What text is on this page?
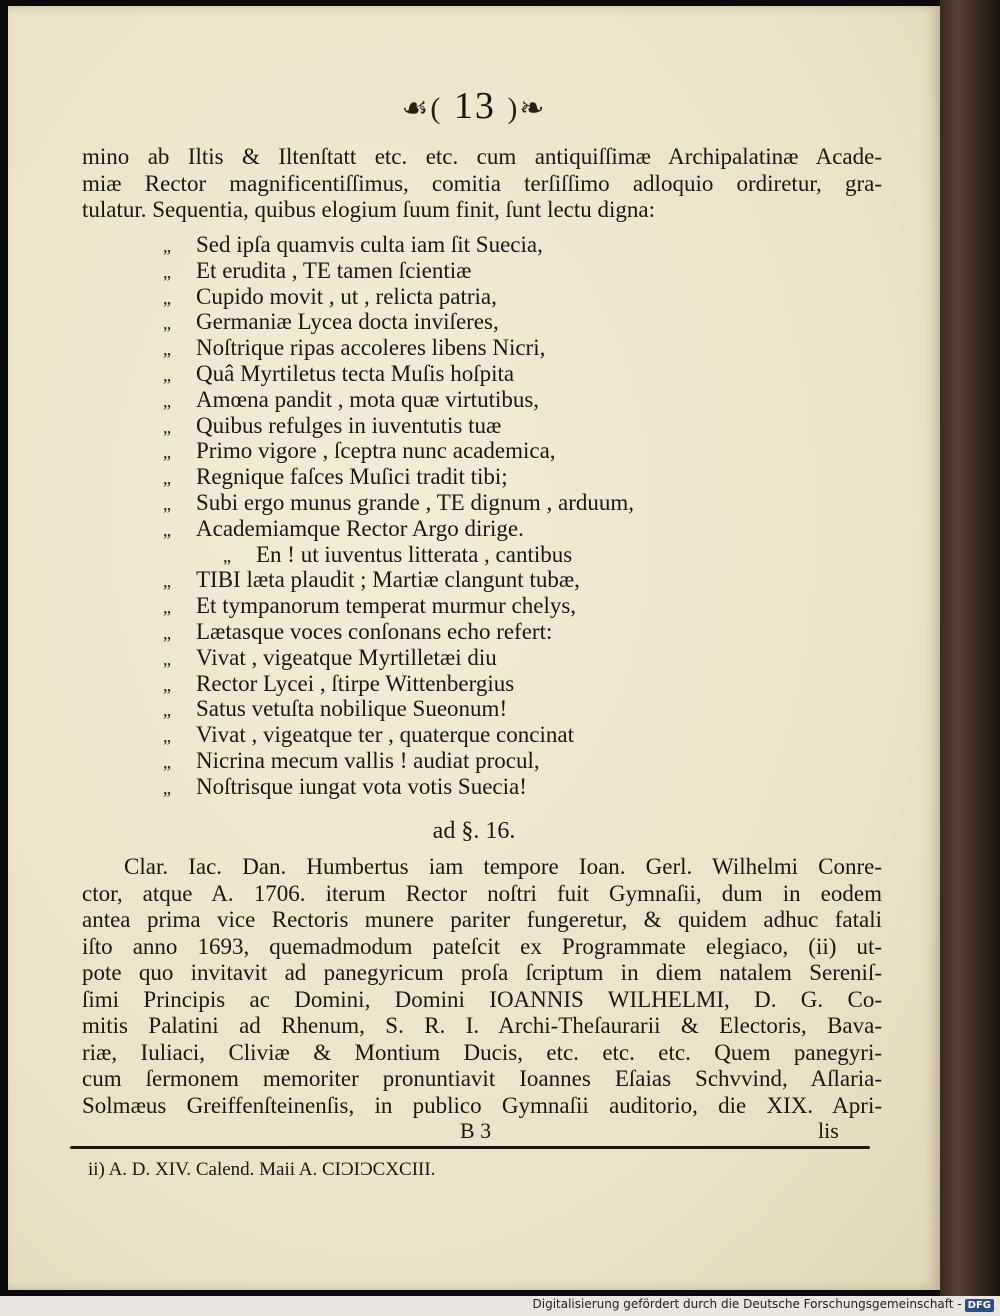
☙( 13 )❧
mino ab Iltis & Iltenſtatt etc. etc. cum antiquiſſimæ Archipalatinæ Acade-
miæ Rector magnificentiſſimus, comitia terſiſſimo adloquio ordiretur, gra-
tulatur. Sequentia, quibus elogium ſuum finit, ſunt lectu digna:
„ Sed ipſa quamvis culta iam ſit Suecia,
„ Et erudita , TE tamen ſcientiæ
„ Cupido movit , ut , relicta patria,
„ Germaniæ Lycea docta inviſeres,
„ Noſtrique ripas accoleres libens Nicri,
„ Quâ Myrtiletus tecta Muſis hoſpita
„ Amœna pandit , mota quæ virtutibus,
„ Quibus refulges in iuventutis tuæ
„ Primo vigore , ſceptra nunc academica,
„ Regnique faſces Muſici tradit tibi;
„ Subi ergo munus grande , TE dignum , arduum,
„ Academiamque Rector Argo dirige.
„ En ! ut iuventus litterata , cantibus
„ TIBI læta plaudit ; Martiæ clangunt tubæ,
„ Et tympanorum temperat murmur chelys,
„ Lætasque voces conſonans echo refert:
„ Vivat , vigeatque Myrtilletæi diu
„ Rector Lycei , ſtirpe Wittenbergius
„ Satus vetuſta nobilique Sueonum!
„ Vivat , vigeatque ter , quaterque concinat
„ Nicrina mecum vallis ! audiat procul,
„ Noſtrisque iungat vota votis Suecia!
ad §. 16.
Clar. Iac. Dan. Humbertus iam tempore Ioan. Gerl. Wilhelmi Conre-
ctor, atque A. 1706. iterum Rector noſtri fuit Gymnaſii, dum in eodem
antea prima vice Rectoris munere pariter fungeretur, & quidem adhuc fatali
iſto anno 1693, quemadmodum pateſcit ex Programmate elegiaco, (ii) ut-
pote quo invitavit ad panegyricum proſa ſcriptum in diem natalem Sereniſ-
ſimi Principis ac Domini, Domini IOANNIS WILHELMI, D. G. Co-
mitis Palatini ad Rhenum, S. R. I. Archi-Theſaurarii & Electoris, Bava-
riæ, Iuliaci, Cliviæ & Montium Ducis, etc. etc. etc. Quem panegyri-
cum ſermonem memoriter pronuntiavit Ioannes Eſaias Schvvind, Aſlaria-
Solmæus Greiffenſteinenſis, in publico Gymnaſii auditorio, die XIX. Apri-
B 3	lis
ii) A. D. XIV. Calend. Maii A. CIƆIƆCXCIII.
Digitalisierung gefördert durch die Deutsche Forschungsgemeinschaft - DFG
